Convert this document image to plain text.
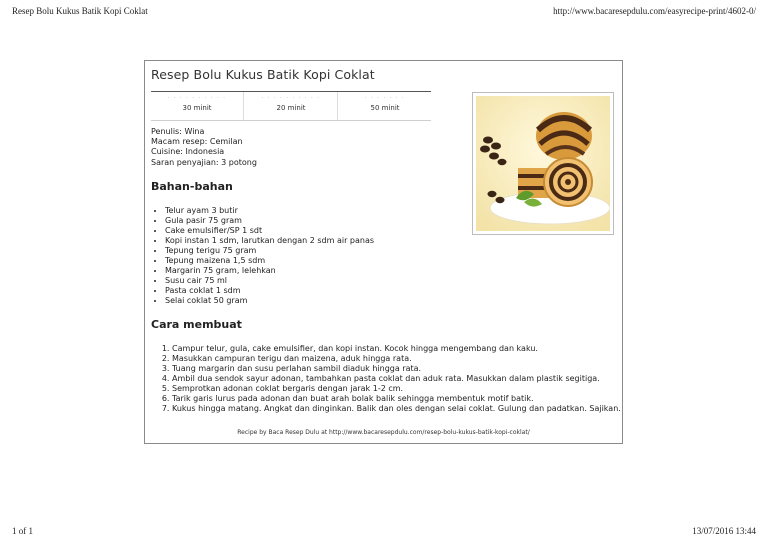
Resep Bolu Kukus Batik Kopi Coklat	http://www.bacaresepdulu.com/easyrecipe-print/4602-0/
Resep Bolu Kukus Batik Kopi Coklat
· · · · · · · · · ·
30 minit
· · · · · · · · · ·
20 minit
· · · · · · ·
50 minit
Penulis: Wina
Macam resep: Cemilan
Cuisine: Indonesia
Saran penyajian: 3 potong
Bahan-bahan
• Telur ayam 3 butir
• Gula pasir 75 gram
• Cake emulsifier/SP 1 sdt
• Kopi instan 1 sdm, larutkan dengan 2 sdm air panas
• Tepung terigu 75 gram
• Tepung maizena 1,5 sdm
• Margarin 75 gram, lelehkan
• Susu cair 75 ml
• Pasta coklat 1 sdm
• Selai coklat 50 gram
Cara membuat
1. Campur telur, gula, cake emulsifier, dan kopi instan. Kocok hingga mengembang dan kaku.
2. Masukkan campuran terigu dan maizena, aduk hingga rata.
3. Tuang margarin dan susu perlahan sambil diaduk hingga rata.
4. Ambil dua sendok sayur adonan, tambahkan pasta coklat dan aduk rata. Masukkan dalam plastik segitiga.
5. Semprotkan adonan coklat bergaris dengan jarak 1-2 cm.
6. Tarik garis lurus pada adonan dan buat arah bolak balik sehingga membentuk motif batik.
7. Kukus hingga matang. Angkat dan dinginkan. Balik dan oles dengan selai coklat. Gulung dan padatkan. Sajikan.
Recipe by Baca Resep Dulu at http://www.bacaresepdulu.com/resep-bolu-kukus-batik-kopi-coklat/
1 of 1	13/07/2016 13:44
